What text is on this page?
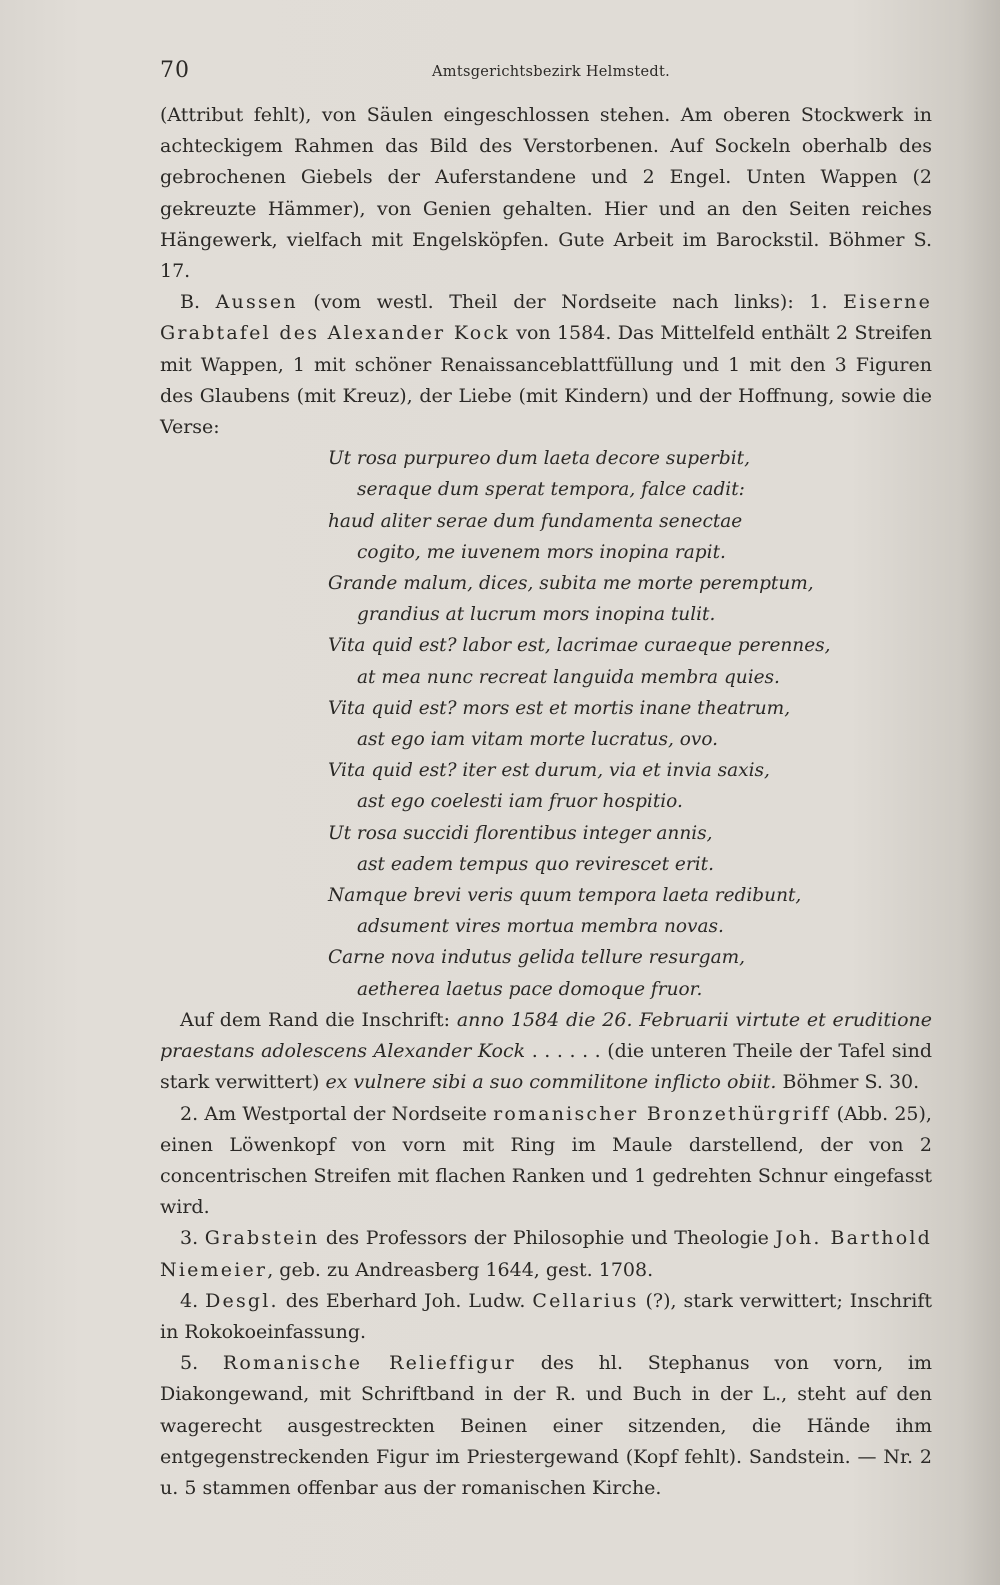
70	Amtsgerichtsbezirk Helmstedt.

(Attribut fehlt), von Säulen eingeschlossen stehen. Am oberen Stockwerk in achteckigem Rahmen das Bild des Verstorbenen. Auf Sockeln oberhalb des gebrochenen Giebels der Auferstandene und 2 Engel. Unten Wappen (2 gekreuzte Hämmer), von Genien gehalten. Hier und an den Seiten reiches Hängewerk, vielfach mit Engelsköpfen. Gute Arbeit im Barockstil. Böhmer S. 17.

B. Aussen (vom westl. Theil der Nordseite nach links): 1. Eiserne Grabtafel des Alexander Kock von 1584. Das Mittelfeld enthält 2 Streifen mit Wappen, 1 mit schöner Renaissanceblattfüllung und 1 mit den 3 Figuren des Glaubens (mit Kreuz), der Liebe (mit Kindern) und der Hoffnung, sowie die Verse:

Ut rosa purpureo dum laeta decore superbit,

seraque dum sperat tempora, falce cadit:

haud aliter serae dum fundamenta senectae

cogito, me iuvenem mors inopina rapit.

Grande malum, dices, subita me morte peremptum,

grandius at lucrum mors inopina tulit.

Vita quid est? labor est, lacrimae curaeque perennes,

at mea nunc recreat languida membra quies.

Vita quid est? mors est et mortis inane theatrum,

ast ego iam vitam morte lucratus, ovo.

Vita quid est? iter est durum, via et invia saxis,

ast ego coelesti iam fruor hospitio.

Ut rosa succidi florentibus integer annis,

ast eadem tempus quo revirescet erit.

Namque brevi veris quum tempora laeta redibunt,

adsument vires mortua membra novas.

Carne nova indutus gelida tellure resurgam,

aetherea laetus pace domoque fruor.

Auf dem Rand die Inschrift: anno 1584 die 26. Februarii virtute et eruditione praestans adolescens Alexander Kock . . . . . . (die unteren Theile der Tafel sind stark verwittert) ex vulnere sibi a suo commilitone inflicto obiit. Böhmer S. 30.

2. Am Westportal der Nordseite romanischer Bronzethürgriff (Abb. 25), einen Löwenkopf von vorn mit Ring im Maule darstellend, der von 2 concentrischen Streifen mit flachen Ranken und 1 gedrehten Schnur eingefasst wird.

3. Grabstein des Professors der Philosophie und Theologie Joh. Barthold Niemeier, geb. zu Andreasberg 1644, gest. 1708.

4. Desgl. des Eberhard Joh. Ludw. Cellarius (?), stark verwittert; Inschrift in Rokokoeinfassung.

5. Romanische Relieffigur des hl. Stephanus von vorn, im Diakongewand, mit Schriftband in der R. und Buch in der L., steht auf den wagerecht ausgestreckten Beinen einer sitzenden, die Hände ihm entgegenstreckenden Figur im Priestergewand (Kopf fehlt). Sandstein. — Nr. 2 u. 5 stammen offenbar aus der romanischen Kirche.
